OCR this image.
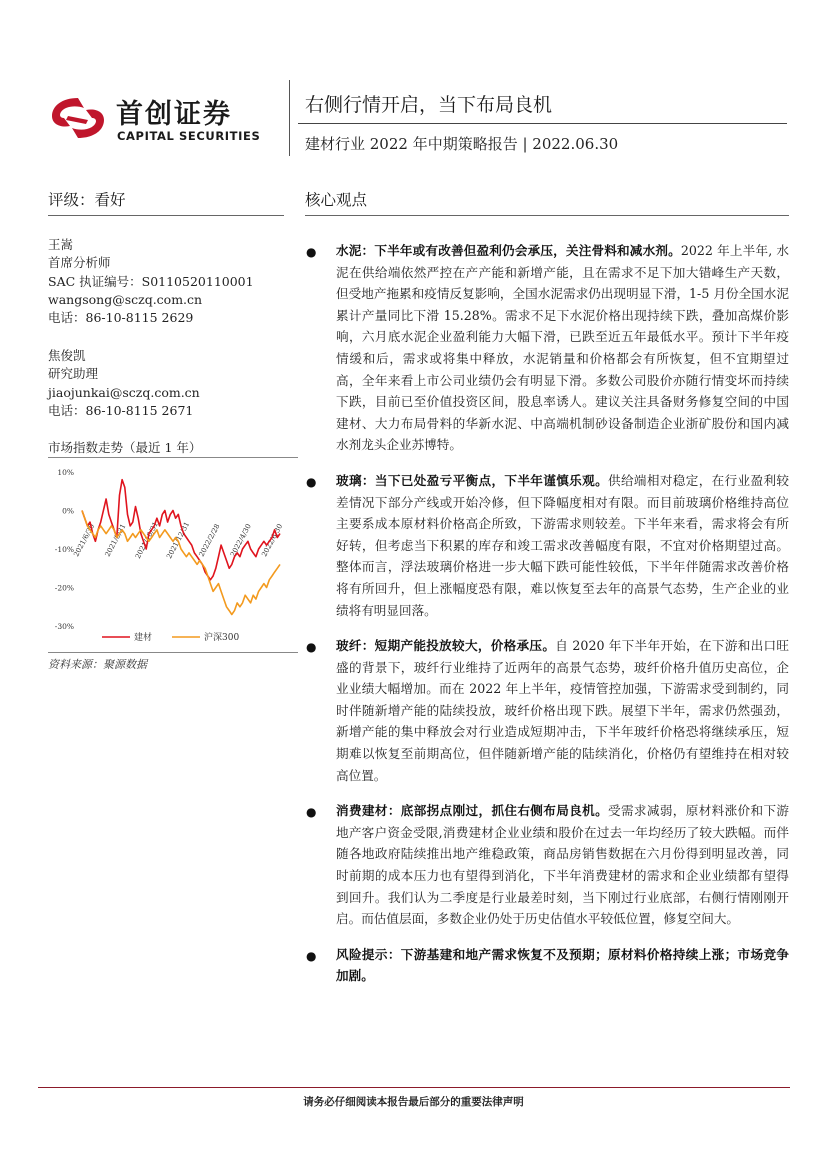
首创证券
CAPITAL SECURITIES
右侧行情开启，当下布局良机
建材行业 2022 年中期策略报告 | 2022.06.30
评级：看好	核心观点
王嵩
首席分析师
SAC 执证编号：S0110520110001
wangsong@sczq.com.cn
电话：86-10-8115 2629
焦俊凯
研究助理
jiaojunkai@sczq.com.cn
电话：86-10-8115 2671
市场指数走势（最近 1 年）
10%
0%
-10%
-20%
-30%
2021/6/30 2021/8/31 2021/10/31 2021/12/31 2022/2/28 2022/4/30 2022/6/30
建材	沪深300
资料来源：聚源数据
● 水泥：下半年或有改善但盈利仍会承压，关注骨料和减水剂。2022 年上半年, 水泥在供给端依然严控在产产能和新增产能，且在需求不足下加大错峰生产天数，但受地产拖累和疫情反复影响，全国水泥需求仍出现明显下滑，1-5 月份全国水泥累计产量同比下滑 15.28%。需求不足下水泥价格出现持续下跌，叠加高煤价影响，六月底水泥企业盈利能力大幅下滑，已跌至近五年最低水平。预计下半年疫情缓和后，需求或将集中释放，水泥销量和价格都会有所恢复，但不宜期望过高，全年来看上市公司业绩仍会有明显下滑。多数公司股价亦随行情变坏而持续下跌，目前已至价值投资区间，股息率诱人。建议关注具备财务修复空间的中国建材、大力布局骨料的华新水泥、中高端机制砂设备制造企业浙矿股份和国内减水剂龙头企业苏博特。
● 玻璃：当下已处盈亏平衡点，下半年谨慎乐观。供给端相对稳定，在行业盈利较差情况下部分产线或开始冷修，但下降幅度相对有限。而目前玻璃价格维持高位主要系成本原材料价格高企所致，下游需求则较差。下半年来看，需求将会有所好转，但考虑当下积累的库存和竣工需求改善幅度有限，不宜对价格期望过高。整体而言，浮法玻璃价格进一步大幅下跌可能性较低，下半年伴随需求改善价格将有所回升，但上涨幅度恐有限，难以恢复至去年的高景气态势，生产企业的业绩将有明显回落。
● 玻纤：短期产能投放较大，价格承压。自 2020 年下半年开始，在下游和出口旺盛的背景下，玻纤行业维持了近两年的高景气态势，玻纤价格升值历史高位，企业业绩大幅增加。而在 2022 年上半年，疫情管控加强，下游需求受到制约，同时伴随新增产能的陆续投放，玻纤价格出现下跌。展望下半年，需求仍然强劲，新增产能的集中释放会对行业造成短期冲击，下半年玻纤价格恐将继续承压，短期难以恢复至前期高位，但伴随新增产能的陆续消化，价格仍有望维持在相对较高位置。
● 消费建材：底部拐点刚过，抓住右侧布局良机。受需求减弱，原材料涨价和下游地产客户资金受限,消费建材企业业绩和股价在过去一年均经历了较大跌幅。而伴随各地政府陆续推出地产维稳政策，商品房销售数据在六月份得到明显改善，同时前期的成本压力也有望得到消化，下半年消费建材的需求和企业业绩都有望得到回升。我们认为二季度是行业最差时刻，当下刚过行业底部，右侧行情刚刚开启。而估值层面，多数企业仍处于历史估值水平较低位置，修复空间大。
● 风险提示：下游基建和地产需求恢复不及预期；原材料价格持续上涨；市场竞争加剧。
请务必仔细阅读本报告最后部分的重要法律声明
